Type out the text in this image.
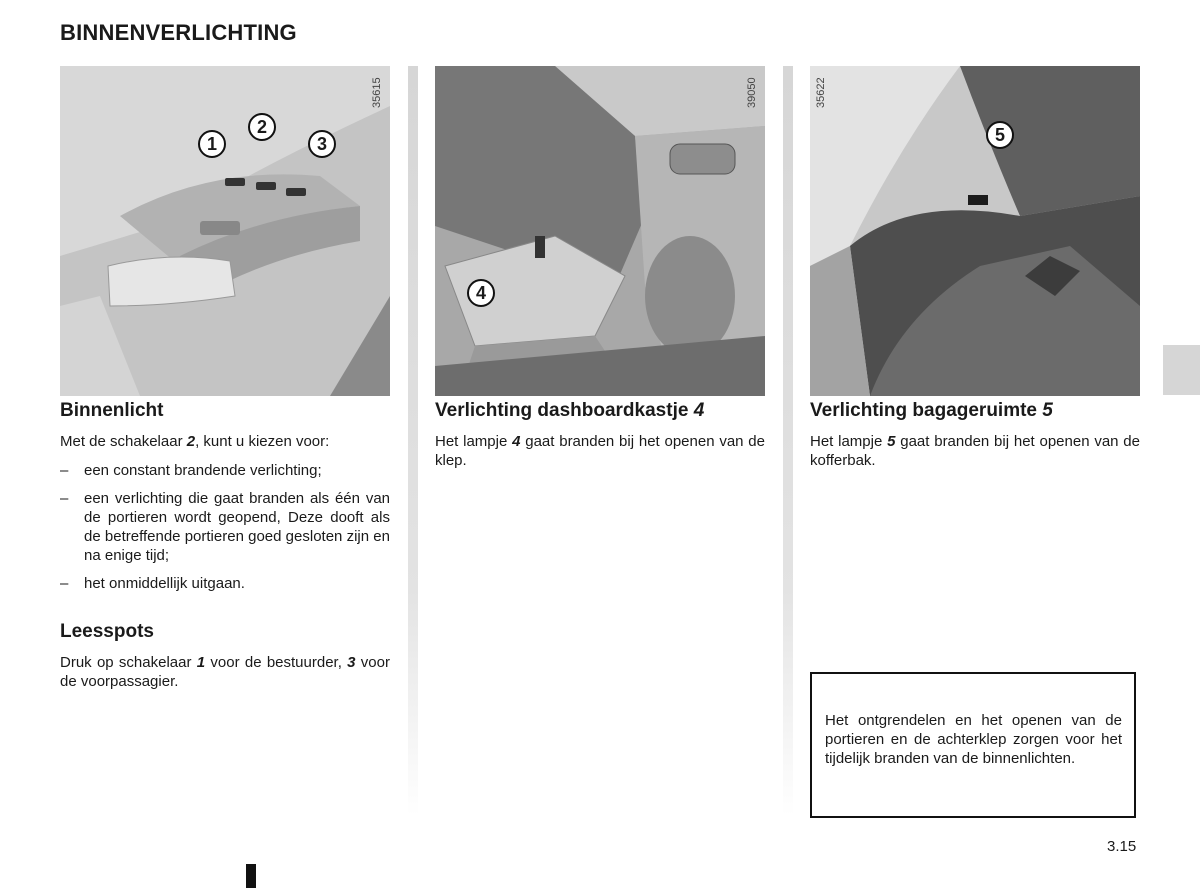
BINNENVERLICHTING
35615
1
2
3
39050
4
35622
5
Binnenlicht

Met de schakelaar 2, kunt u kiezen voor:

– een constant brandende verlichting;
– een verlichting die gaat branden als één van de portieren wordt geopend, Deze dooft als de betreffende portieren goed gesloten zijn en na enige tijd;
– het onmiddellijk uitgaan.
Leesspots

Druk op schakelaar 1 voor de bestuurder, 3 voor de voorpassagier.

Verlichting dashboardkastje 4

Het lampje 4 gaat branden bij het openen van de klep.

Verlichting bagageruimte 5

Het lampje 5 gaat branden bij het openen van de kofferbak.

Het ontgrendelen en het openen van de portieren en de achterklep zorgen voor het tijdelijk branden van de binnenlichten.

3.15
